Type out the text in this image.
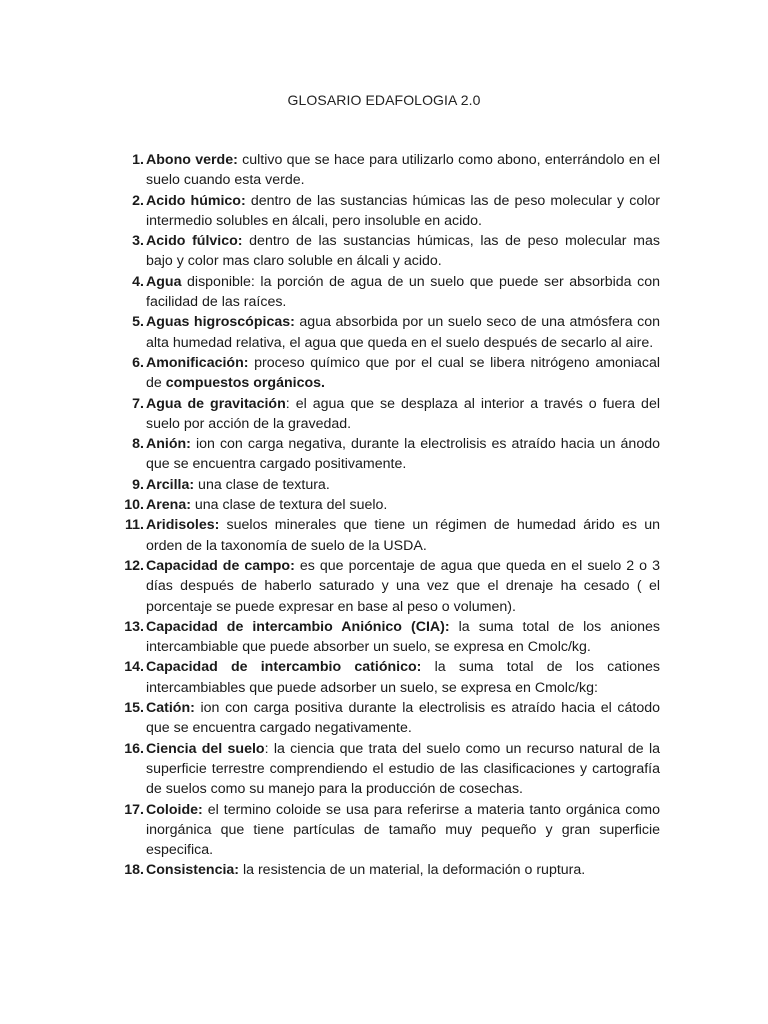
GLOSARIO EDAFOLOGIA 2.0
1. Abono verde: cultivo que se hace para utilizarlo como abono, enterrándolo en el suelo cuando esta verde.
2. Acido húmico: dentro de las sustancias húmicas las de peso molecular y color intermedio solubles en álcali, pero insoluble en acido.
3. Acido fúlvico: dentro de las sustancias húmicas, las de peso molecular mas bajo y color mas claro soluble en álcali y acido.
4. Agua disponible: la porción de agua de un suelo que puede ser absorbida con facilidad de las raíces.
5. Aguas higroscópicas: agua absorbida por un suelo seco de una atmósfera con alta humedad relativa, el agua que queda en el suelo después de secarlo al aire.
6. Amonificación: proceso químico que por el cual se libera nitrógeno amoniacal de compuestos orgánicos.
7. Agua de gravitación: el agua que se desplaza al interior a través o fuera del suelo por acción de la gravedad.
8. Anión: ion con carga negativa, durante la electrolisis es atraído hacia un ánodo que se encuentra cargado positivamente.
9. Arcilla: una clase de textura.
10. Arena: una clase de textura del suelo.
11. Aridisoles: suelos minerales que tiene un régimen de humedad árido es un orden de la taxonomía de suelo de la USDA.
12. Capacidad de campo: es que porcentaje de agua que queda en el suelo 2 o 3 días después de haberlo saturado y una vez que el drenaje ha cesado ( el porcentaje se puede expresar en base al peso o volumen).
13. Capacidad de intercambio Aniónico (CIA): la suma total de los aniones intercambiable que puede absorber un suelo, se expresa en Cmolc/kg.
14. Capacidad de intercambio catiónico: la suma total de los cationes intercambiables que puede adsorber un suelo, se expresa en Cmolc/kg:
15. Catión: ion con carga positiva durante la electrolisis es atraído hacia el cátodo que se encuentra cargado negativamente.
16. Ciencia del suelo: la ciencia que trata del suelo como un recurso natural de la superficie terrestre comprendiendo el estudio de las clasificaciones y cartografía de suelos como su manejo para la producción de cosechas.
17. Coloide: el termino coloide se usa para referirse a materia tanto orgánica como inorgánica que tiene partículas de tamaño muy pequeño y gran superficie especifica.
18. Consistencia: la resistencia de un material, la deformación o ruptura.
